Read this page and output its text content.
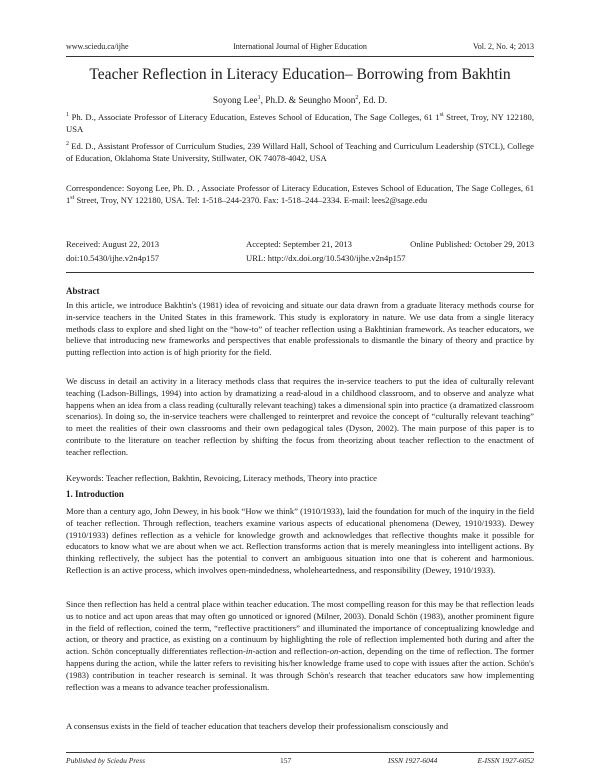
www.sciedu.ca/ijhe	International Journal of Higher Education	Vol. 2, No. 4; 2013
Teacher Reflection in Literacy Education– Borrowing from Bakhtin
Soyong Lee$^1$, Ph.D. & Seungho Moon$^2$, Ed. D.
$^1$ Ph. D., Associate Professor of Literacy Education, Esteves School of Education, The Sage Colleges, 61 1st Street, Troy, NY 122180, USA
$^2$ Ed. D., Assistant Professor of Curriculum Studies, 239 Willard Hall, School of Teaching and Curriculum Leadership (STCL), College of Education, Oklahoma State University, Stillwater, OK 74078-4042, USA
Correspondence: Soyong Lee, Ph. D. , Associate Professor of Literacy Education, Esteves School of Education, The Sage Colleges, 61 1st Street, Troy, NY 122180, USA. Tel: 1-518–244-2370. Fax: 1-518–244–2334. E-mail: lees2@sage.edu
Received: August 22, 2013	Accepted: September 21, 2013	Online Published: October 29, 2013
doi:10.5430/ijhe.v2n4p157	URL: http://dx.doi.org/10.5430/ijhe.v2n4p157
Abstract
In this article, we introduce Bakhtin's (1981) idea of revoicing and situate our data drawn from a graduate literacy methods course for in-service teachers in the United States in this framework. This study is exploratory in nature. We use data from a single literacy methods class to explore and shed light on the “how-to” of teacher reflection using a Bakhtinian framework. As teacher educators, we believe that introducing new frameworks and perspectives that enable professionals to dismantle the binary of theory and practice by putting reflection into action is of high priority for the field.
We discuss in detail an activity in a literacy methods class that requires the in-service teachers to put the idea of culturally relevant teaching (Ladson-Billings, 1994) into action by dramatizing a read-aloud in a childhood classroom, and to observe and analyze what happens when an idea from a class reading (culturally relevant teaching) takes a dimensional spin into practice (a dramatized classroom scenarios). In doing so, the in-service teachers were challenged to reinterpret and revoice the concept of “culturally relevant teaching” to meet the realities of their own classrooms and their own pedagogical tales (Dyson, 2002). The main purpose of this paper is to contribute to the literature on teacher reflection by shifting the focus from theorizing about teacher reflection to the enactment of teacher reflection.
Keywords: Teacher reflection, Bakhtin, Revoicing, Literacy methods, Theory into practice
1. Introduction
More than a century ago, John Dewey, in his book “How we think” (1910/1933), laid the foundation for much of the inquiry in the field of teacher reflection. Through reflection, teachers examine various aspects of educational phenomena (Dewey, 1910/1933). Dewey (1910/1933) defines reflection as a vehicle for knowledge growth and acknowledges that reflective thoughts make it possible for educators to know what we are about when we act. Reflection transforms action that is merely meaningless into intelligent actions. By thinking reflectively, the subject has the potential to convert an ambiguous situation into one that is coherent and harmonious. Reflection is an active process, which involves open-mindedness, wholeheartedness, and responsibility (Dewey, 1910/1933).
Since then reflection has held a central place within teacher education. The most compelling reason for this may be that reflection leads us to notice and act upon areas that may often go unnoticed or ignored (Milner, 2003). Donald Schön (1983), another prominent figure in the field of reflection, coined the term, “reflective practitioners” and illuminated the importance of conceptualizing knowledge and action, or theory and practice, as existing on a continuum by highlighting the role of reflection implemented both during and after the action. Schön conceptually differentiates reflection-in-action and reflection-on-action, depending on the time of reflection. The former happens during the action, while the latter refers to revisiting his/her knowledge frame used to cope with issues after the action. Schön's (1983) contribution in teacher research is seminal. It was through Schön's research that teacher educators saw how implementing reflection was a means to advance teacher professionalism.
A consensus exists in the field of teacher education that teachers develop their professionalism consciously and
Published by Sciedu Press	157	ISSN 1927-6044	E-ISSN 1927-6052
